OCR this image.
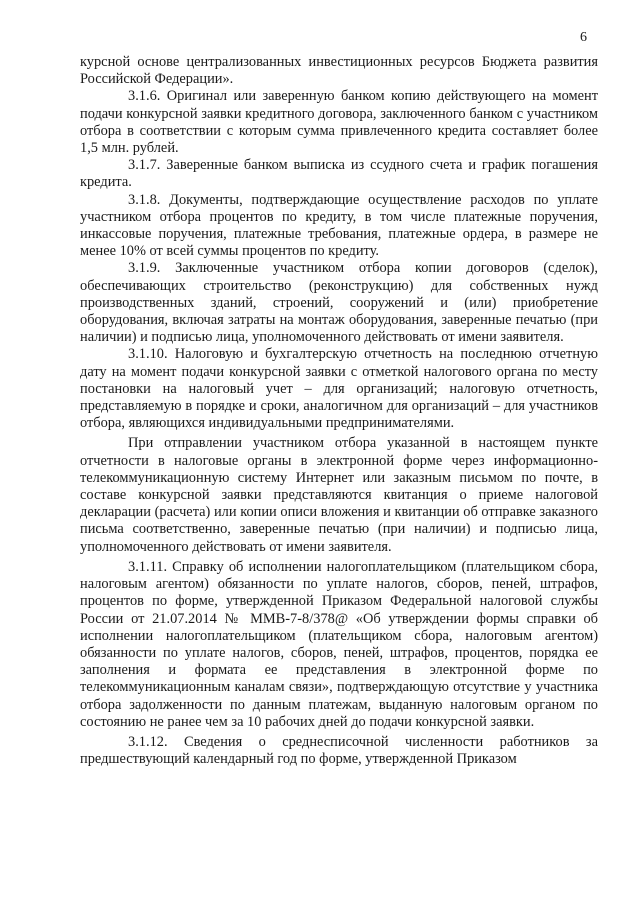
6

курсной основе централизованных инвестиционных ресурсов Бюджета развития Российской Федерации».

3.1.6. Оригинал или заверенную банком копию действующего на момент подачи конкурсной заявки кредитного договора, заключенного банком с участником отбора в соответствии с которым сумма привлеченного кредита составляет более 1,5 млн. рублей.

3.1.7. Заверенные банком выписка из ссудного счета и график погашения кредита.

3.1.8. Документы, подтверждающие осуществление расходов по уплате участником отбора процентов по кредиту, в том числе платежные поручения, инкассовые поручения, платежные требования, платежные ордера, в размере не менее 10% от всей суммы процентов по кредиту.

3.1.9. Заключенные участником отбора копии договоров (сделок), обеспечивающих строительство (реконструкцию) для собственных нужд производственных зданий, строений, сооружений и (или) приобретение оборудования, включая затраты на монтаж оборудования, заверенные печатью (при наличии) и подписью лица, уполномоченного действовать от имени заявителя.

3.1.10. Налоговую и бухгалтерскую отчетность на последнюю отчетную дату на момент подачи конкурсной заявки с отметкой налогового органа по месту постановки на налоговый учет – для организаций; налоговую отчетность, представляемую в порядке и сроки, аналогичном для организаций – для участников отбора, являющихся индивидуальными предпринимателями.

При отправлении участником отбора указанной в настоящем пункте отчетности в налоговые органы в электронной форме через информационно-телекоммуникационную систему Интернет или заказным письмом по почте, в составе конкурсной заявки представляются квитанция о приеме налоговой декларации (расчета) или копии описи вложения и квитанции об отправке заказного письма соответственно, заверенные печатью (при наличии) и подписью лица, уполномоченного действовать от имени заявителя.

3.1.11. Справку об исполнении налогоплательщиком (плательщиком сбора, налоговым агентом) обязанности по уплате налогов, сборов, пеней, штрафов, процентов по форме, утвержденной Приказом Федеральной налоговой службы России от 21.07.2014 № ММВ-7-8/378@ «Об утверждении формы справки об исполнении налогоплательщиком (плательщиком сбора, налоговым агентом) обязанности по уплате налогов, сборов, пеней, штрафов, процентов, порядка ее заполнения и формата ее представления в электронной форме по телекоммуникационным каналам связи», подтверждающую отсутствие у участника отбора задолженности по данным платежам, выданную налоговым органом по состоянию не ранее чем за 10 рабочих дней до подачи конкурсной заявки.

3.1.12. Сведения о среднесписочной численности работников за предшествующий календарный год по форме, утвержденной Приказом
